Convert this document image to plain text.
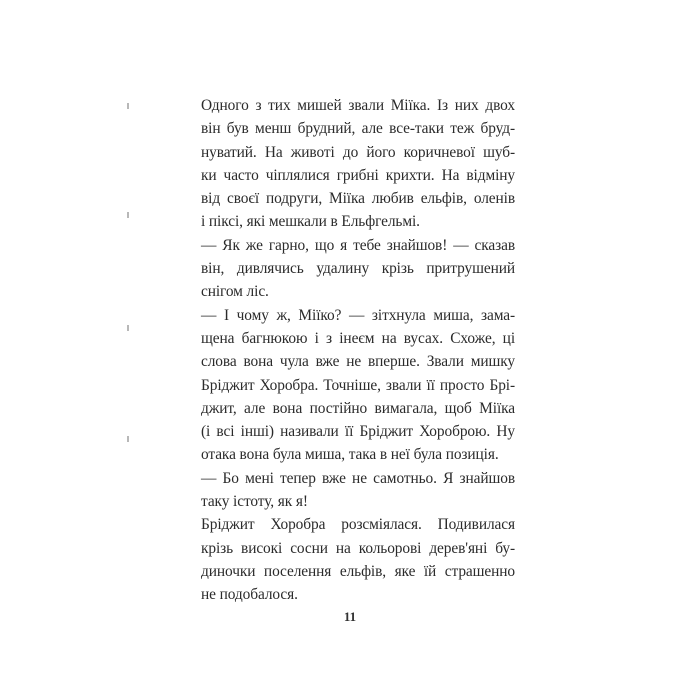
Одного з тих мишей звали Міїка. Із них двох
він був менш брудний, але все-таки теж бруд-
нуватий. На животі до його коричневої шуб-
ки часто чіплялися грибні крихти. На відміну
від своєї подруги, Міїка любив ельфів, оленів
і піксі, які мешкали в Ельфгельмі.
— Як же гарно, що я тебе знайшов! — сказав
він, дивлячись удалину крізь притрушений
снігом ліс.
— І чому ж, Міїко? — зітхнула миша, зама-
щена багнюкою і з інеєм на вусах. Схоже, ці
слова вона чула вже не вперше. Звали мишку
Бріджит Хоробра. Точніше, звали її просто Брі-
джит, але вона постійно вимагала, щоб Міїка
(і всі інші) називали її Бріджит Хороброю. Ну
отака вона була миша, така в неї була позиція.
— Бо мені тепер вже не самотньо. Я знайшов
таку істоту, як я!
Бріджит Хоробра розсміялася. Подивилася
крізь високі сосни на кольорові дерев'яні бу-
диночки поселення ельфів, яке їй страшенно
не подобалося.
11
